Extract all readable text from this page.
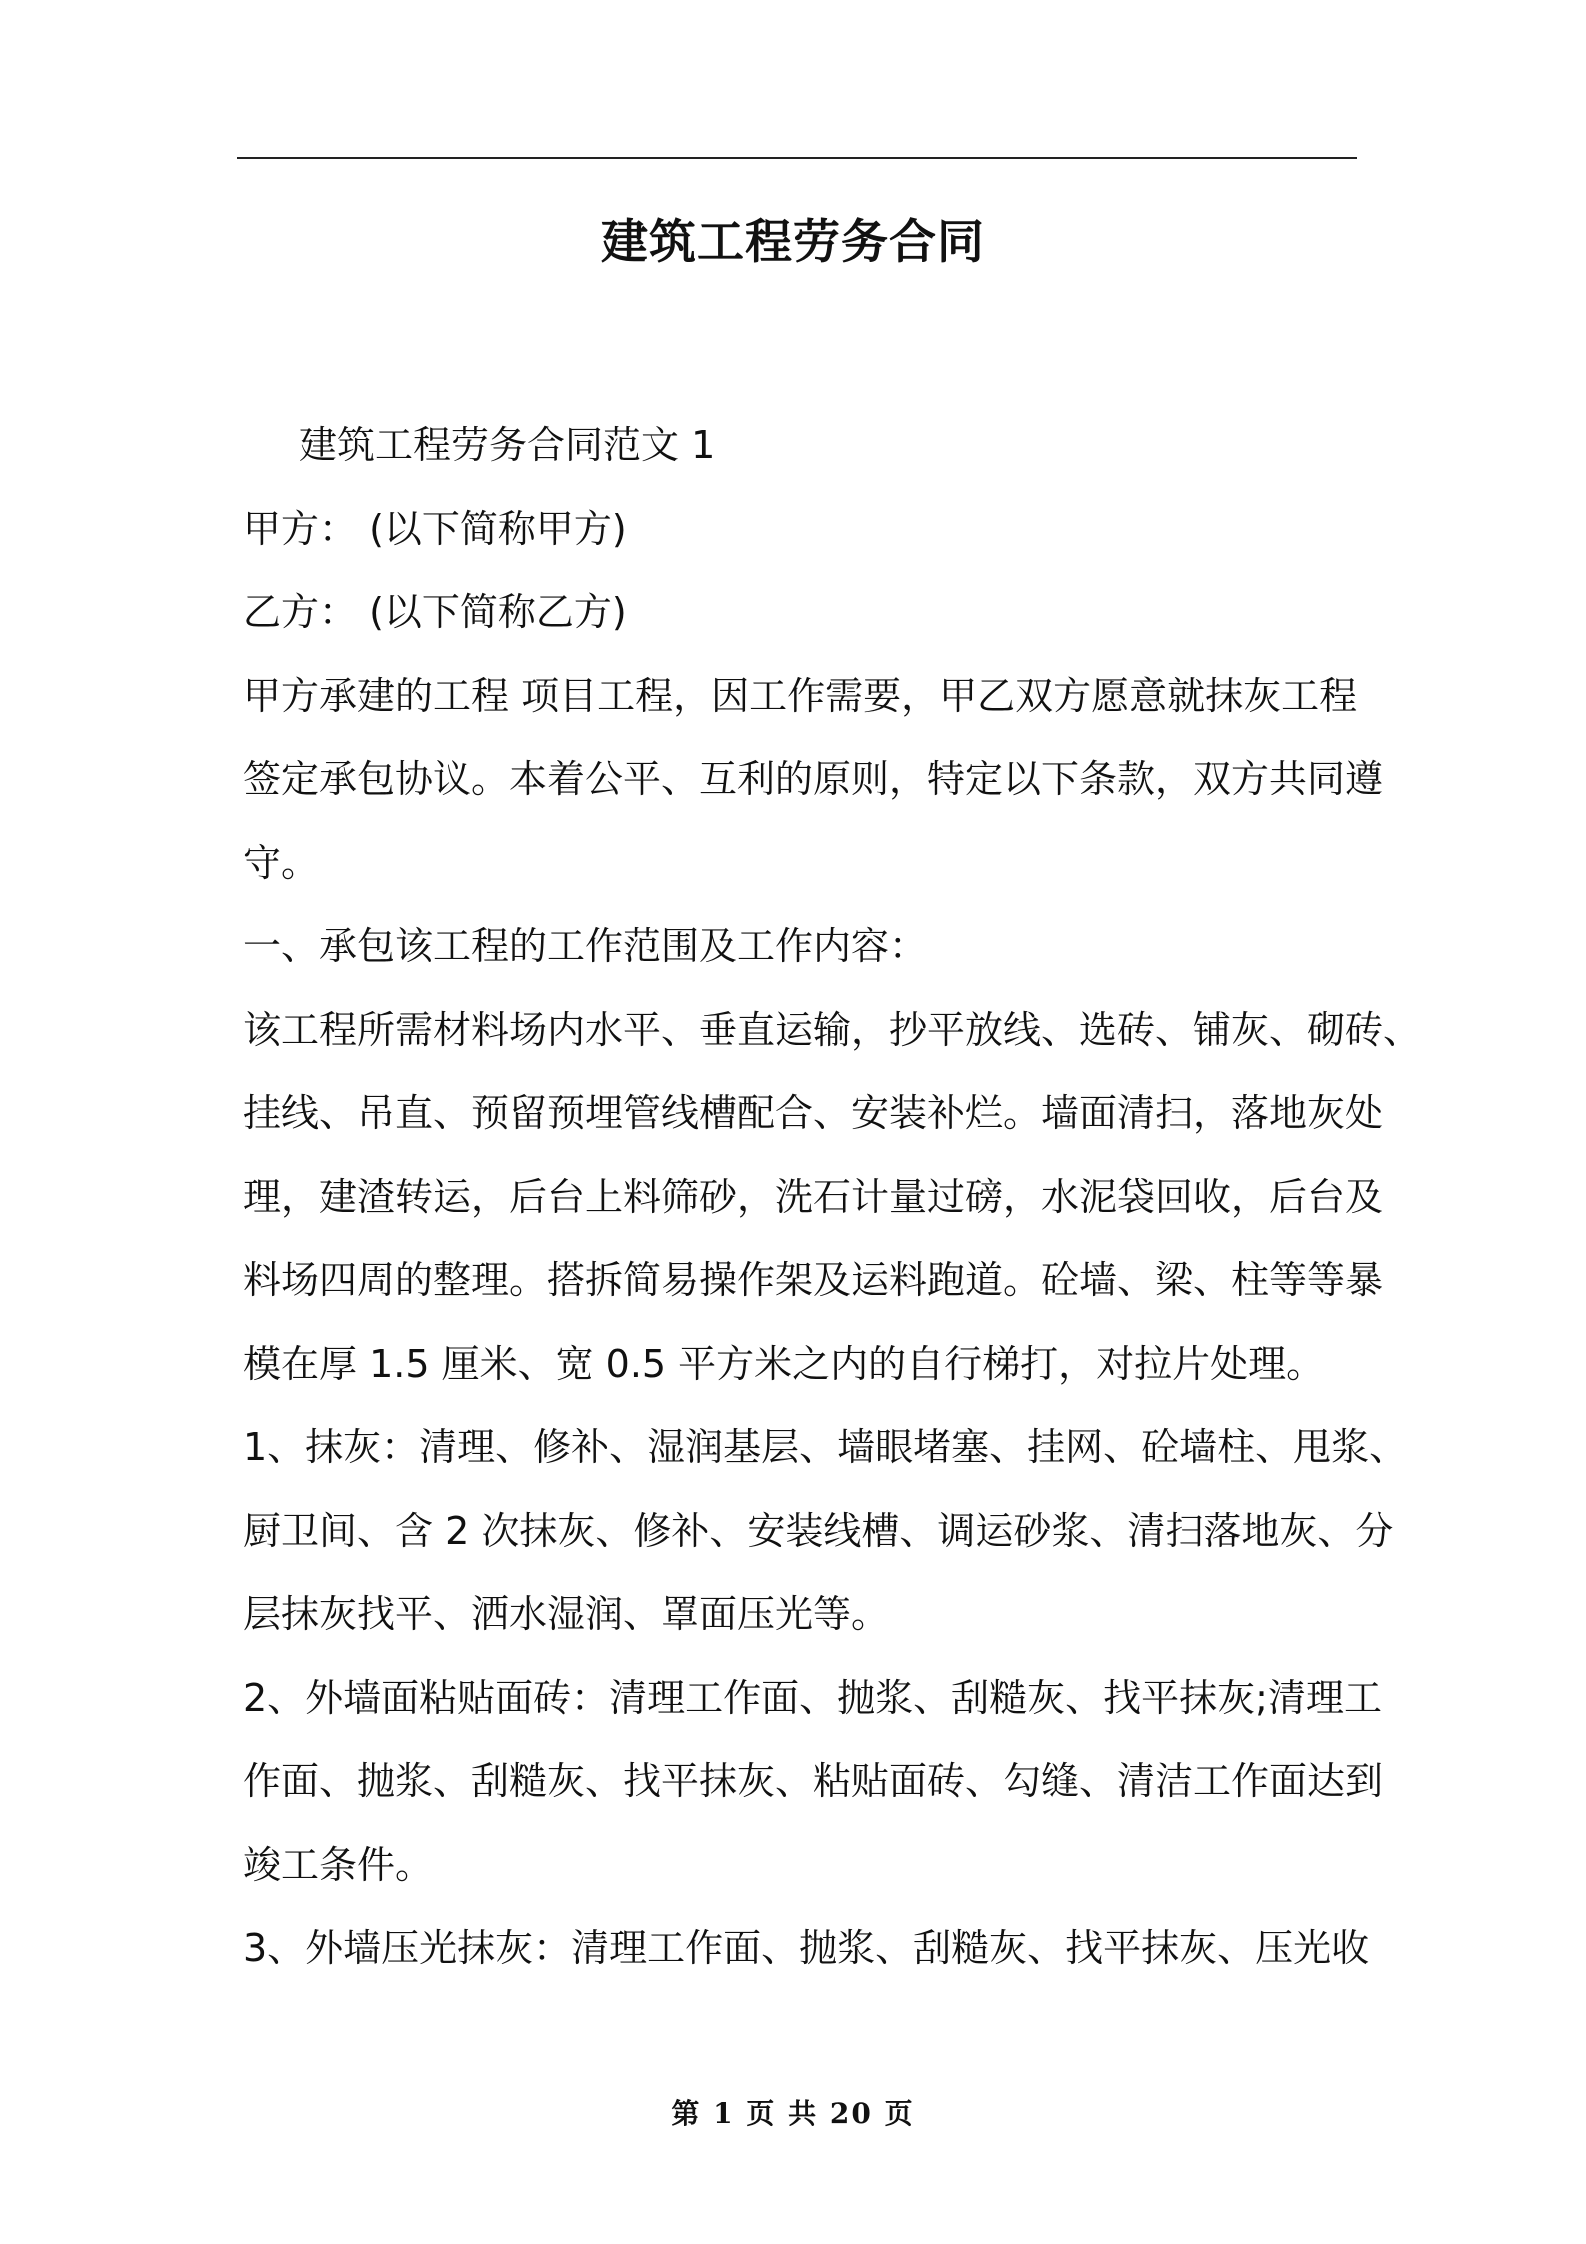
建筑工程劳务合同

建筑工程劳务合同范文 1

甲方： (以下简称甲方)

乙方： (以下简称乙方)

甲方承建的工程 项目工程，因工作需要，甲乙双方愿意就抹灰工程

签定承包协议。本着公平、互利的原则，特定以下条款，双方共同遵

守。

一、承包该工程的工作范围及工作内容：

该工程所需材料场内水平、垂直运输，抄平放线、选砖、铺灰、砌砖、

挂线、吊直、预留预埋管线槽配合、安装补烂。墙面清扫，落地灰处

理，建渣转运，后台上料筛砂，洗石计量过磅，水泥袋回收，后台及

料场四周的整理。搭拆简易操作架及运料跑道。砼墙、梁、柱等等暴

模在厚 1.5 厘米、宽 0.5 平方米之内的自行梯打，对拉片处理。

1、抹灰：清理、修补、湿润基层、墙眼堵塞、挂网、砼墙柱、甩浆、

厨卫间、含 2 次抹灰、修补、安装线槽、调运砂浆、清扫落地灰、分

层抹灰找平、洒水湿润、罩面压光等。

2、外墙面粘贴面砖：清理工作面、抛浆、刮糙灰、找平抹灰;清理工

作面、抛浆、刮糙灰、找平抹灰、粘贴面砖、勾缝、清洁工作面达到

竣工条件。

3、外墙压光抹灰：清理工作面、抛浆、刮糙灰、找平抹灰、压光收

第 1 页 共 20 页
